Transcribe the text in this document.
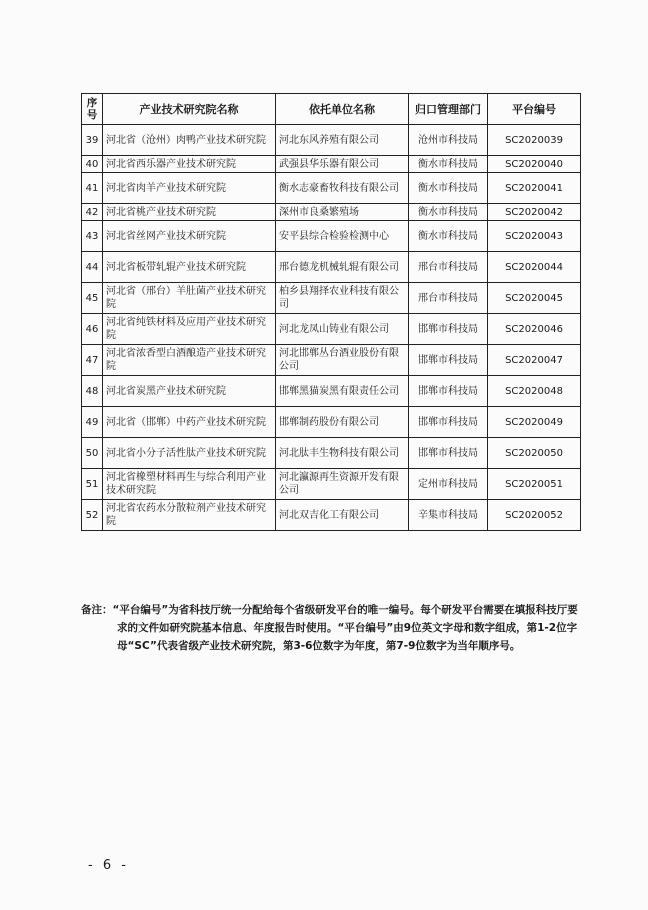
序号	产业技术研究院名称	依托单位名称	归口管理部门	平台编号
39	河北省（沧州）肉鸭产业技术研究院	河北东风养殖有限公司	沧州市科技局	SC2020039
40	河北省西乐器产业技术研究院	武强县华乐器有限公司	衡水市科技局	SC2020040
41	河北省肉羊产业技术研究院	衡水志豪畜牧科技有限公司	衡水市科技局	SC2020041
42	河北省桃产业技术研究院	深州市良桑繁殖场	衡水市科技局	SC2020042
43	河北省丝网产业技术研究院	安平县综合检验检测中心	衡水市科技局	SC2020043
44	河北省板带轧辊产业技术研究院	邢台德龙机械轧辊有限公司	邢台市科技局	SC2020044
45	河北省（邢台）羊肚菌产业技术研究院	柏乡县翔择农业科技有限公司	邢台市科技局	SC2020045
46	河北省纯铁材料及应用产业技术研究院	河北龙凤山铸业有限公司	邯郸市科技局	SC2020046
47	河北省浓香型白酒酿造产业技术研究院	河北邯郸丛台酒业股份有限公司	邯郸市科技局	SC2020047
48	河北省炭黑产业技术研究院	邯郸黑猫炭黑有限责任公司	邯郸市科技局	SC2020048
49	河北省（邯郸）中药产业技术研究院	邯郸制药股份有限公司	邯郸市科技局	SC2020049
50	河北省小分子活性肽产业技术研究院	河北肽丰生物科技有限公司	邯郸市科技局	SC2020050
51	河北省橡塑材料再生与综合利用产业技术研究院	河北瀛源再生资源开发有限公司	定州市科技局	SC2020051
52	河北省农药水分散粒剂产业技术研究院	河北双吉化工有限公司	辛集市科技局	SC2020052
备注：“平台编号”为省科技厅统一分配给每个省级研发平台的唯一编号。每个研发平台需要在填报科技厅要求的文件如研究院基本信息、年度报告时使用。“平台编号”由9位英文字母和数字组成，第1-2位字母“SC”代表省级产业技术研究院，第3-6位数字为年度，第7-9位数字为当年顺序号。
- 6 -
